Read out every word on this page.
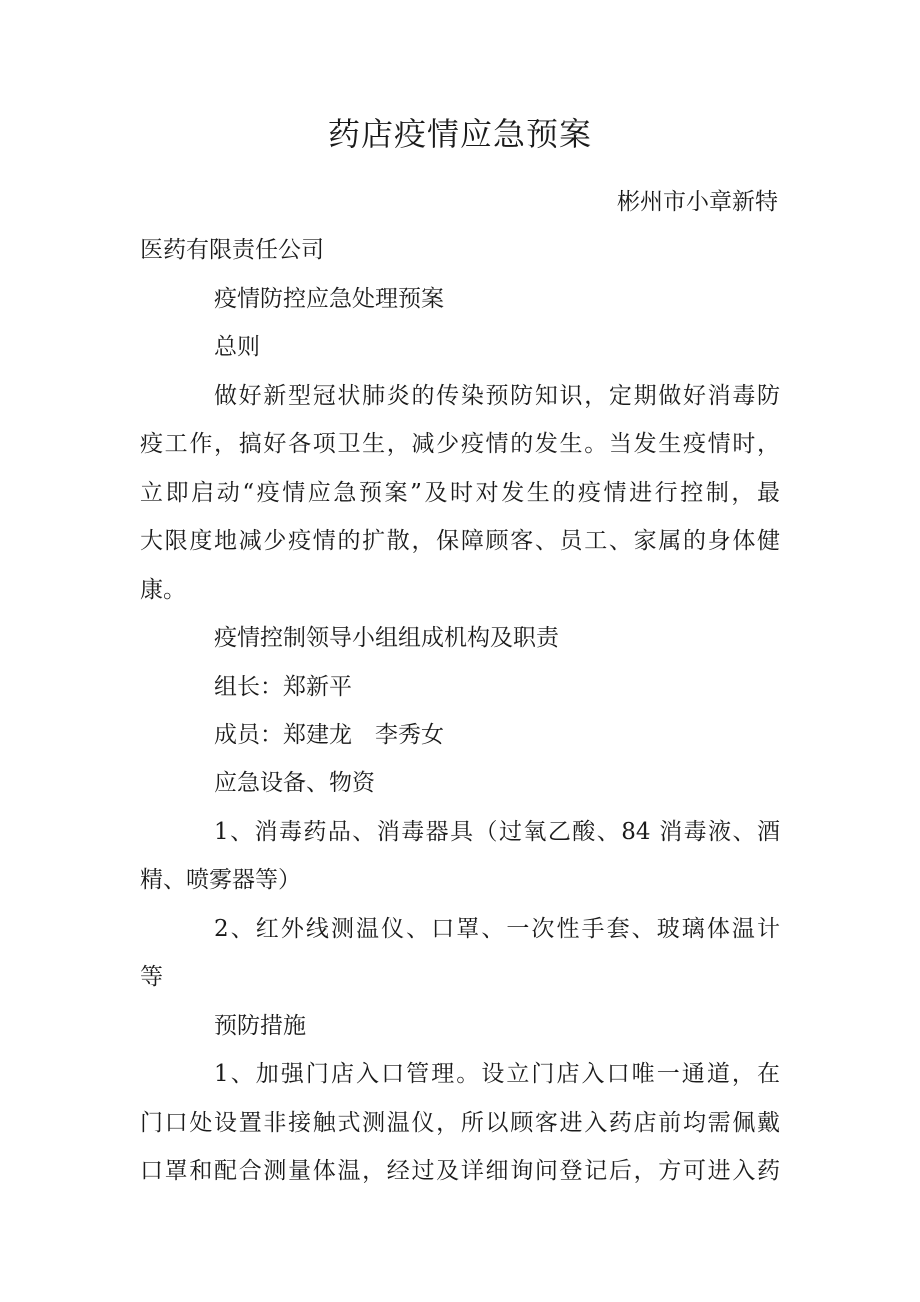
药店疫情应急预案
彬州市小章新特
医药有限责任公司
疫情防控应急处理预案
总则
做好新型冠状肺炎的传染预防知识，定期做好消毒防
疫工作，搞好各项卫生，减少疫情的发生。当发生疫情时，
立即启动“疫情应急预案”及时对发生的疫情进行控制，最
大限度地减少疫情的扩散，保障顾客、员工、家属的身体健
康。
疫情控制领导小组组成机构及职责
组长：郑新平
成员：郑建龙　李秀女
应急设备、物资
1、消毒药品、消毒器具（过氧乙酸、84 消毒液、酒
精、喷雾器等）
2、红外线测温仪、口罩、一次性手套、玻璃体温计
等
预防措施
1、加强门店入口管理。设立门店入口唯一通道，在
门口处设置非接触式测温仪，所以顾客进入药店前均需佩戴
口罩和配合测量体温，经过及详细询问登记后，方可进入药
